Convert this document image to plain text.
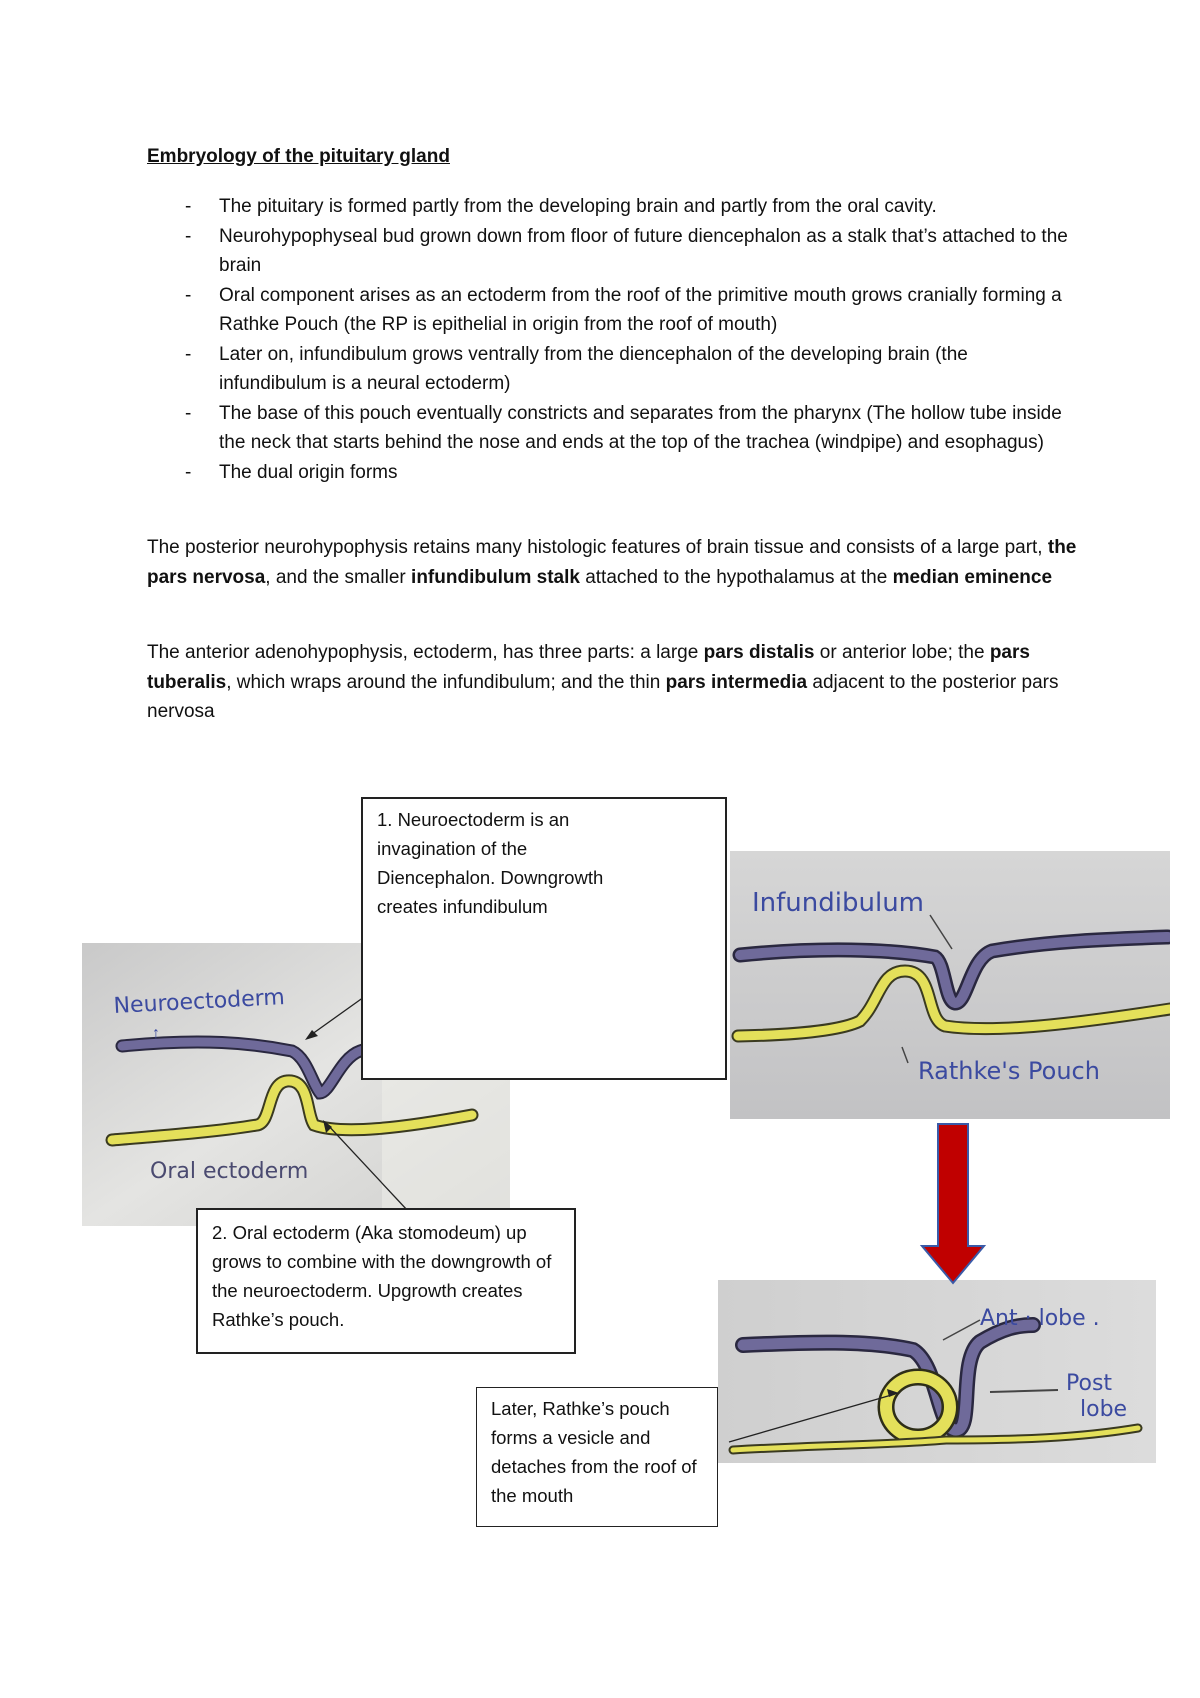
Embryology of the pituitary gland
- The pituitary is formed partly from the developing brain and partly from the oral cavity.
- Neurohypophyseal bud grown down from floor of future diencephalon as a stalk that’s attached to the brain
- Oral component arises as an ectoderm from the roof of the primitive mouth grows cranially forming a Rathke Pouch (the RP is epithelial in origin from the roof of mouth)
- Later on, infundibulum grows ventrally from the diencephalon of the developing brain (the infundibulum is a neural ectoderm)
- The base of this pouch eventually constricts and separates from the pharynx (The hollow tube inside the neck that starts behind the nose and ends at the top of the trachea (windpipe) and esophagus)
- The dual origin forms

The posterior neurohypophysis retains many histologic features of brain tissue and consists of a large part, the pars nervosa, and the smaller infundibulum stalk attached to the hypothalamus at the median eminence

The anterior adenohypophysis, ectoderm, has three parts: a large pars distalis or anterior lobe; the pars tuberalis, which wraps around the infundibulum; and the thin pars intermedia adjacent to the posterior pars nervosa

Neuroectoderm
↑
Oral ectoderm
Infundibulum
Rathke's Pouch
Ant · lobe .
Post
lobe
1. Neuroectoderm is an invagination of the Diencephalon. Downgrowth creates infundibulum
2. Oral ectoderm (Aka stomodeum) up grows to combine with the downgrowth of the neuroectoderm. Upgrowth creates Rathke’s pouch.
Later, Rathke’s pouch forms a vesicle and detaches from the roof of the mouth
